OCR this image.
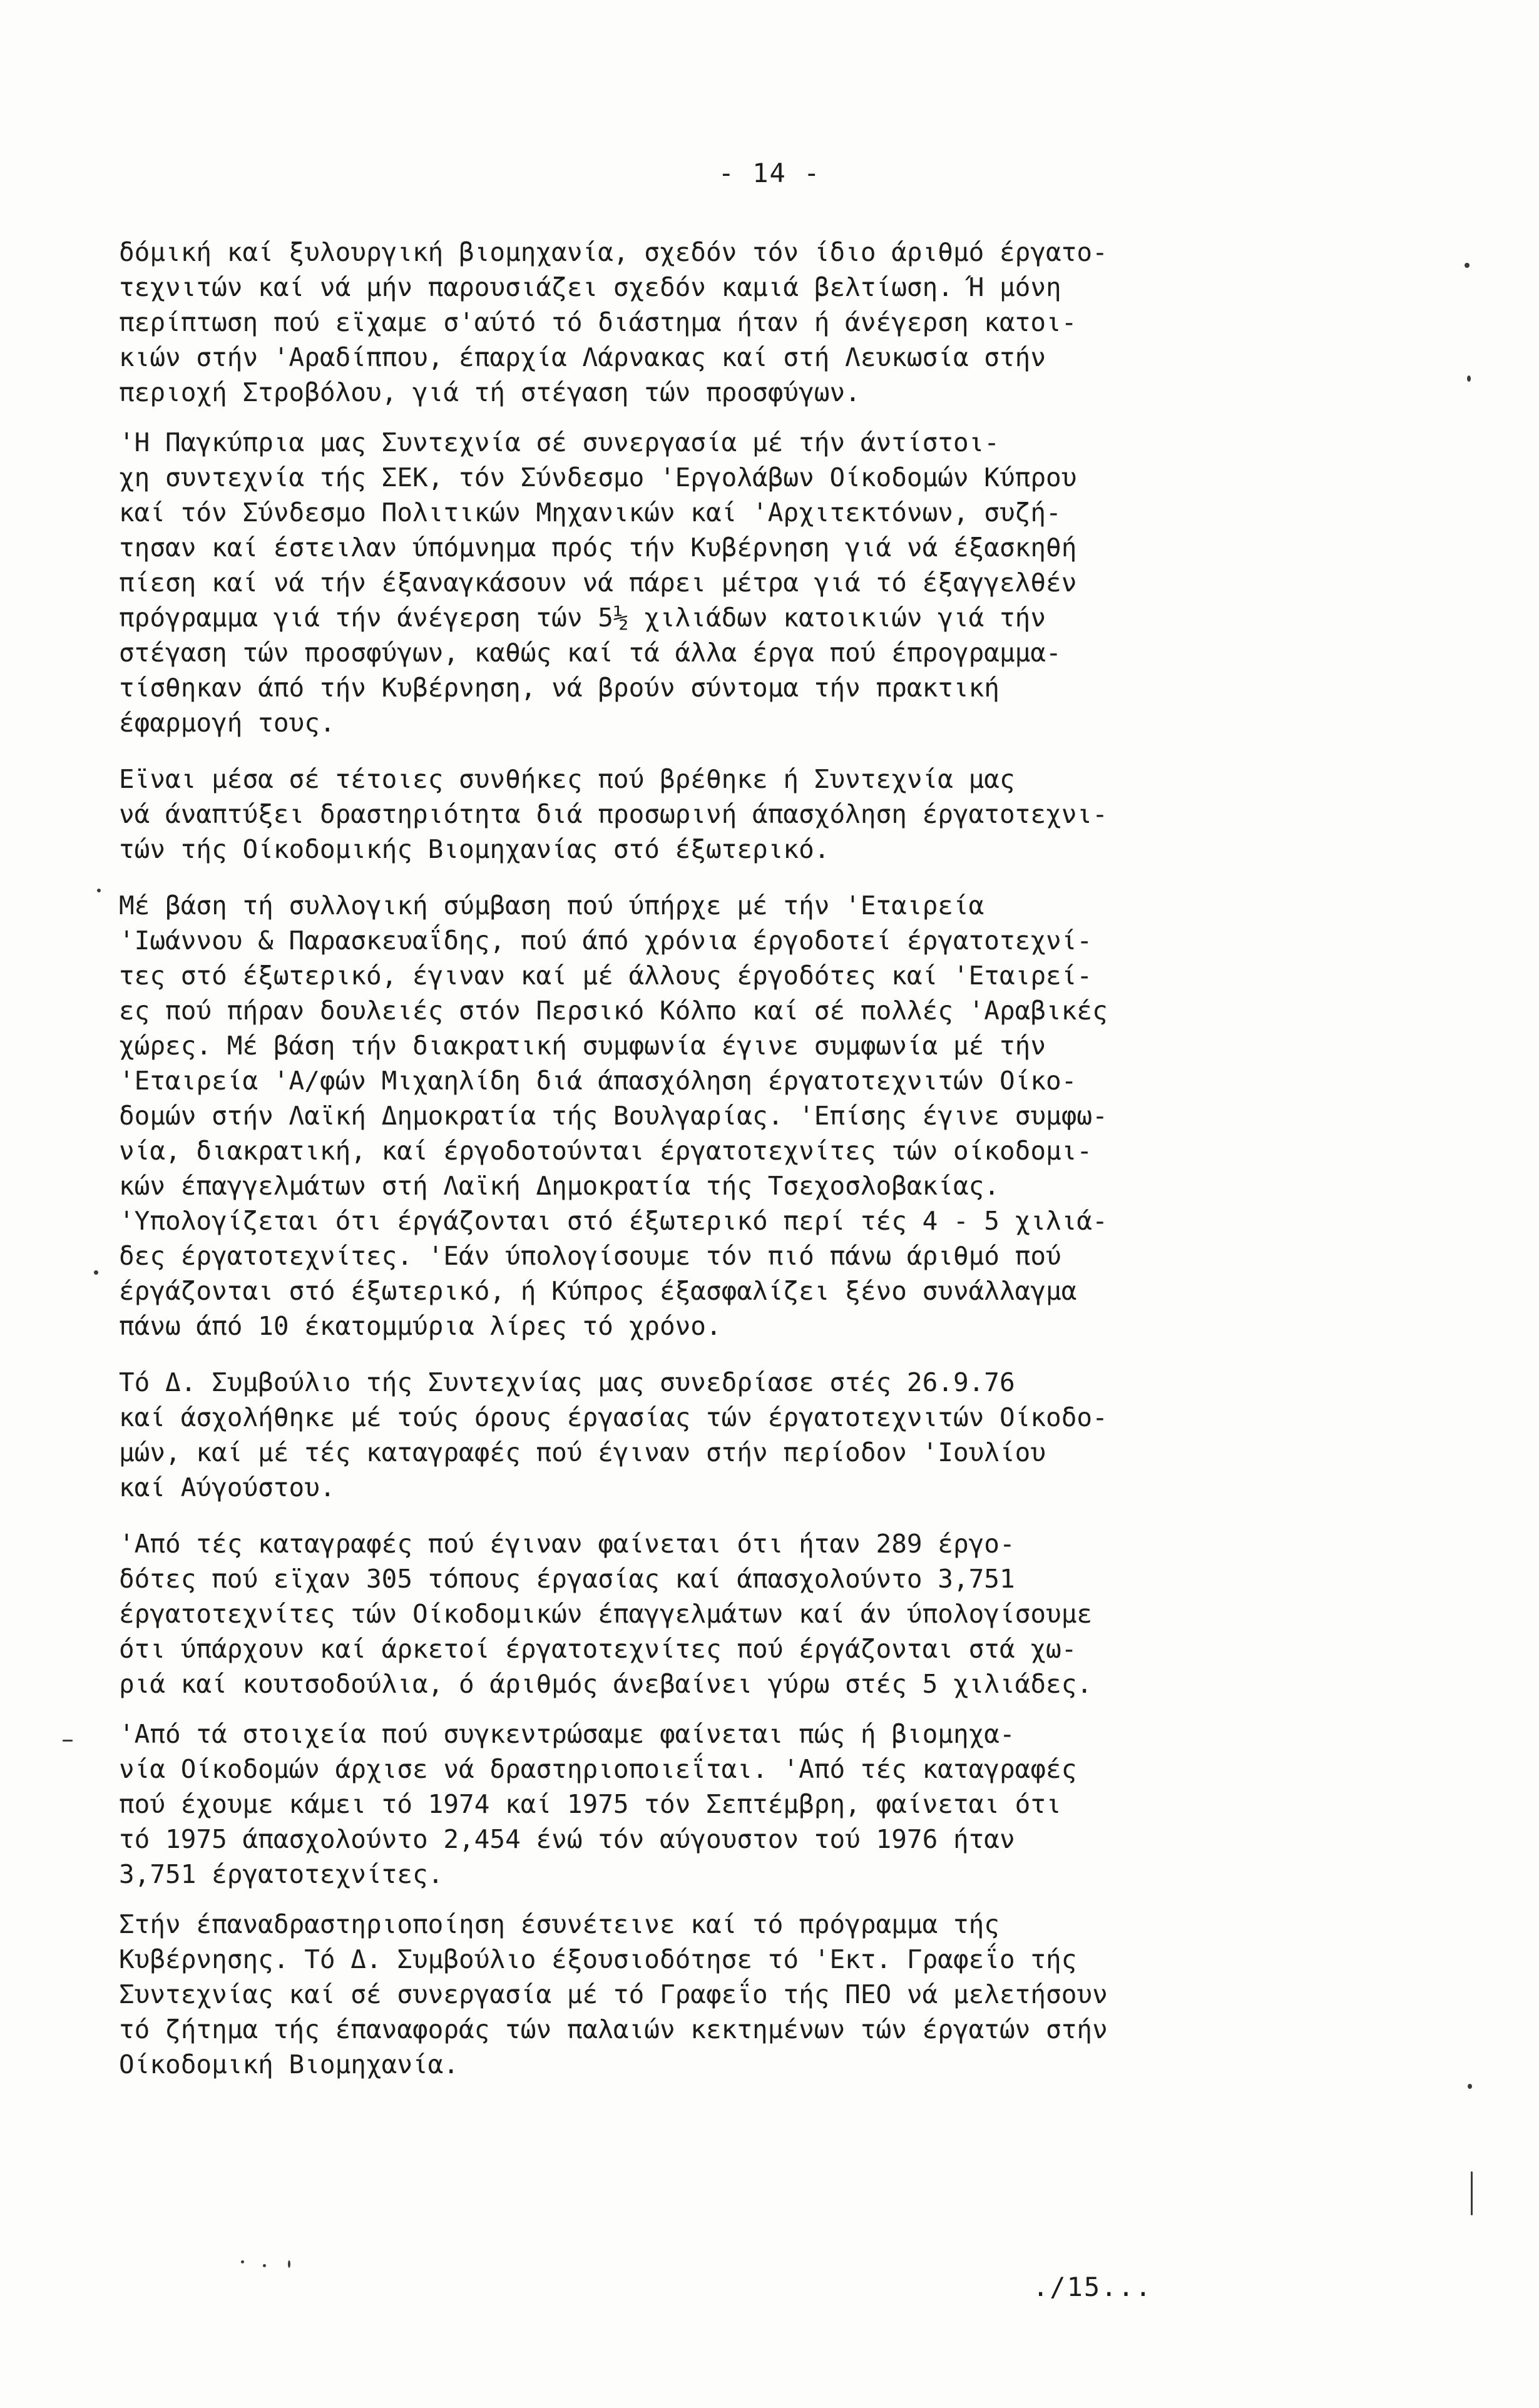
- 14 -

δόμική καί ξυλουργική βιομηχανία, σχεδόν τόν ίδιο άριθμό έργατο-
τεχνιτών καί νά μήν παρουσιάζει σχεδόν καμιά βελτίωση. Ή μόνη
περίπτωση πού εϊχαμε σ'αύτό τό διάστημα ήταν ή άνέγερση κατοι-
κιών στήν 'Αραδίππου, έπαρχία Λάρνακας καί στή Λευκωσία στήν
περιοχή Στροβόλου, γιά τή στέγαση τών προσφύγων.

'Η Παγκύπρια μας Συντεχνία σέ συνεργασία μέ τήν άντίστοι-
χη συντεχνία τής ΣΕΚ, τόν Σύνδεσμο 'Εργολάβων Οίκοδομών Κύπρου
καί τόν Σύνδεσμο Πολιτικών Μηχανικών καί 'Αρχιτεκτόνων, συζή-
τησαν καί έστειλαν ύπόμνημα πρός τήν Κυβέρνηση γιά νά έξασκηθή
πίεση καί νά τήν έξαναγκάσουν νά πάρει μέτρα γιά τό έξαγγελθέν
πρόγραμμα γιά τήν άνέγερση τών 5½ χιλιάδων κατοικιών γιά τήν
στέγαση τών προσφύγων, καθώς καί τά άλλα έργα πού έπρογραμμα-
τίσθηκαν άπό τήν Κυβέρνηση, νά βρούν σύντομα τήν πρακτική
έφαρμογή τους.

Εϊναι μέσα σέ τέτοιες συνθήκες πού βρέθηκε ή Συντεχνία μας
νά άναπτύξει δραστηριότητα διά προσωρινή άπασχόληση έργατοτεχνι-
τών τής Οίκοδομικής Βιομηχανίας στό έξωτερικό.

Μέ βάση τή συλλογική σύμβαση πού ύπήρχε μέ τήν 'Εταιρεία
'Ιωάννου & Παρασκευαΐδης, πού άπό χρόνια έργοδοτεί έργατοτεχνί-
τες στό έξωτερικό, έγιναν καί μέ άλλους έργοδότες καί 'Εταιρεί-
ες πού πήραν δουλειές στόν Περσικό Κόλπο καί σέ πολλές 'Αραβικές
χώρες. Μέ βάση τήν διακρατική συμφωνία έγινε συμφωνία μέ τήν
'Εταιρεία 'Α/φών Μιχαηλίδη διά άπασχόληση έργατοτεχνιτών Οίκο-
δομών στήν Λαϊκή Δημοκρατία τής Βουλγαρίας. 'Επίσης έγινε συμφω-
νία, διακρατική, καί έργοδοτούνται έργατοτεχνίτες τών οίκοδομι-
κών έπαγγελμάτων στή Λαϊκή Δημοκρατία τής Τσεχοσλοβακίας.
'Υπολογίζεται ότι έργάζονται στό έξωτερικό περί τές 4 - 5 χιλιά-
δες έργατοτεχνίτες. 'Εάν ύπολογίσουμε τόν πιό πάνω άριθμό πού
έργάζονται στό έξωτερικό, ή Κύπρος έξασφαλίζει ξένο συνάλλαγμα
πάνω άπό 10 έκατομμύρια λίρες τό χρόνο.

Τό Δ. Συμβούλιο τής Συντεχνίας μας συνεδρίασε στές 26.9.76
καί άσχολήθηκε μέ τούς όρους έργασίας τών έργατοτεχνιτών Οίκοδο-
μών, καί μέ τές καταγραφές πού έγιναν στήν περίοδον 'Ιουλίου
καί Αύγούστου.

'Από τές καταγραφές πού έγιναν φαίνεται ότι ήταν 289 έργο-
δότες πού εϊχαν 305 τόπους έργασίας καί άπασχολούντο 3,751
έργατοτεχνίτες τών Οίκοδομικών έπαγγελμάτων καί άν ύπολογίσουμε
ότι ύπάρχουν καί άρκετοί έργατοτεχνίτες πού έργάζονται στά χω-
ριά καί κουτσοδούλια, ό άριθμός άνεβαίνει γύρω στές 5 χιλιάδες.

'Από τά στοιχεία πού συγκεντρώσαμε φαίνεται πώς ή βιομηχα-
νία Οίκοδομών άρχισε νά δραστηριοποιεΐται. 'Από τές καταγραφές
πού έχουμε κάμει τό 1974 καί 1975 τόν Σεπτέμβρη, φαίνεται ότι
τό 1975 άπασχολούντο 2,454 ένώ τόν αύγουστον τού 1976 ήταν
3,751 έργατοτεχνίτες.

Στήν έπαναδραστηριοποίηση έσυνέτεινε καί τό πρόγραμμα τής
Κυβέρνησης. Τό Δ. Συμβούλιο έξουσιοδότησε τό 'Εκτ. Γραφεΐο τής
Συντεχνίας καί σέ συνεργασία μέ τό Γραφεΐο τής ΠΕΟ νά μελετήσουν
τό ζήτημα τής έπαναφοράς τών παλαιών κεκτημένων τών έργατών στήν
Οίκοδομική Βιομηχανία.

./15...
